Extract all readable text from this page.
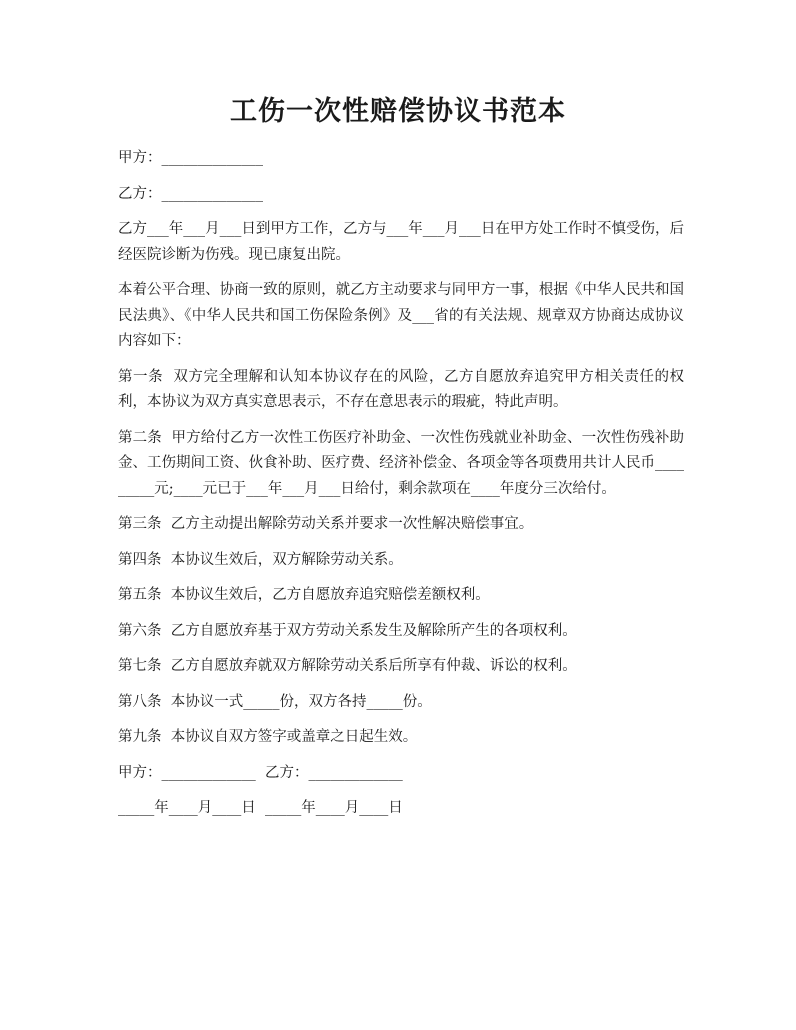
工伤一次性赔偿协议书范本

甲方：______________

乙方：______________

乙方___年___月___日到甲方工作，乙方与___年___月___日在甲方处工作时不慎受伤，后经医院诊断为伤残。现已康复出院。

本着公平合理、协商一致的原则，就乙方主动要求与同甲方一事，根据《中华人民共和国民法典》、《中华人民共和国工伤保险条例》及___省的有关法规、规章双方协商达成协议内容如下：

第一条  双方完全理解和认知本协议存在的风险，乙方自愿放弃追究甲方相关责任的权利，本协议为双方真实意思表示，不存在意思表示的瑕疵，特此声明。

第二条  甲方给付乙方一次性工伤医疗补助金、一次性伤残就业补助金、一次性伤残补助金、工伤期间工资、伙食补助、医疗费、经济补偿金、各项金等各项费用共计人民币_________元;____元已于___年___月___日给付，剩余款项在____年度分三次给付。

第三条  乙方主动提出解除劳动关系并要求一次性解决赔偿事宜。

第四条  本协议生效后，双方解除劳动关系。

第五条  本协议生效后，乙方自愿放弃追究赔偿差额权利。

第六条  乙方自愿放弃基于双方劳动关系发生及解除所产生的各项权利。

第七条  乙方自愿放弃就双方解除劳动关系后所享有仲裁、诉讼的权利。

第八条  本协议一式_____份，双方各持_____份。

第九条  本协议自双方签字或盖章之日起生效。

甲方：_____________  乙方：_____________

_____年____月____日  _____年____月____日
